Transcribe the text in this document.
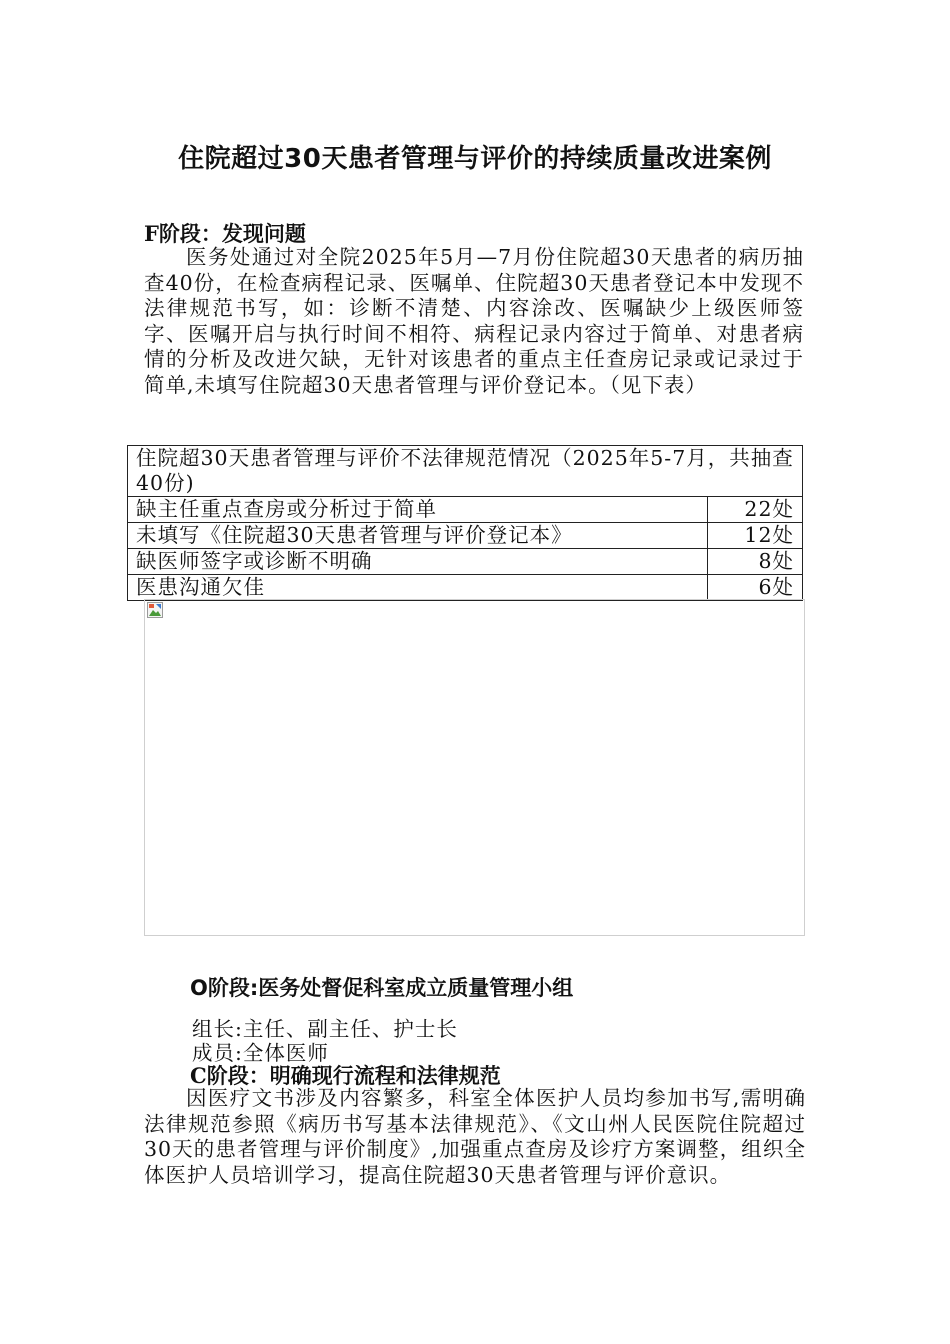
住院超过30天患者管理与评价的持续质量改进案例
F阶段：发现问题
医务处通过对全院2025年5月—7月份住院超30天患者的病历抽查40份，在检查病程记录、医嘱单、住院超30天患者登记本中发现不法律规范书写，如：诊断不清楚、内容涂改、医嘱缺少上级医师签字、医嘱开启与执行时间不相符、病程记录内容过于简单、对患者病情的分析及改进欠缺，无针对该患者的重点主任查房记录或记录过于简单,未填写住院超30天患者管理与评价登记本。（见下表）
住院超30天患者管理与评价不法律规范情况（2025年5-7月，共抽查40份)	
缺主任重点查房或分析过于简单	22处
未填写《住院超30天患者管理与评价登记本》	12处
缺医师签字或诊断不明确	8处
医患沟通欠佳	6处
O阶段:医务处督促科室成立质量管理小组
组长:主任、副主任、护士长
成员:全体医师
C阶段：明确现行流程和法律规范
因医疗文书涉及内容繁多，科室全体医护人员均参加书写,需明确法律规范参照《病历书写基本法律规范》、《文山州人民医院住院超过30天的患者管理与评价制度》,加强重点查房及诊疗方案调整，组织全体医护人员培训学习，提高住院超30天患者管理与评价意识。
